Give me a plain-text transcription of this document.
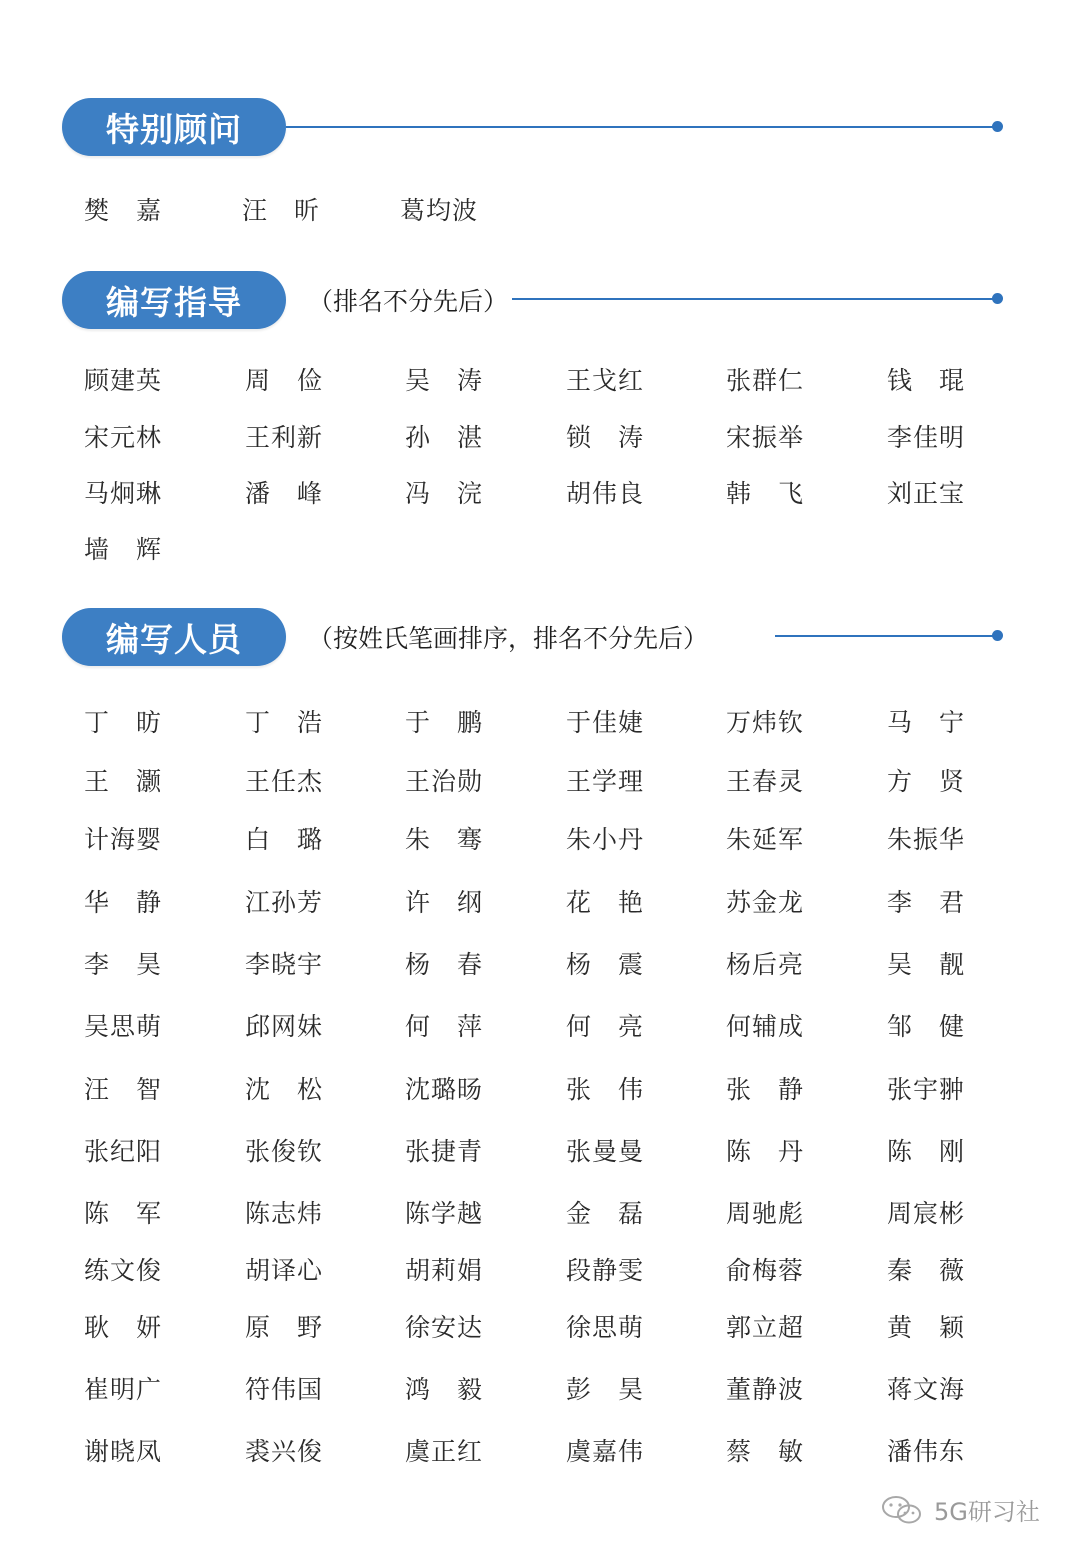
特别顾问
樊　嘉	汪　昕	葛均波
编写指导	（排名不分先后）
顾建英	周　俭	吴　涛	王戈红	张群仁	钱　琨
宋元林	王利新	孙　湛	锁　涛	宋振举	李佳明
马炯琳	潘　峰	冯　浣	胡伟良	韩　飞	刘正宝
墙　辉
编写人员	（按姓氏笔画排序，排名不分先后）
丁　昉	丁　浩	于　鹏	于佳婕	万炜钦	马　宁
王　灏	王任杰	王治勋	王学理	王春灵	方　贤
计海婴	白　璐	朱　骞	朱小丹	朱延军	朱振华
华　静	江孙芳	许　纲	花　艳	苏金龙	李　君
李　昊	李晓宇	杨　春	杨　震	杨后亮	吴　靓
吴思萌	邱网妹	何　萍	何　亮	何辅成	邹　健
汪　智	沈　松	沈璐旸	张　伟	张　静	张宇翀
张纪阳	张俊钦	张捷青	张曼曼	陈　丹	陈　刚
陈　军	陈志炜	陈学越	金　磊	周驰彪	周宸彬
练文俊	胡译心	胡莉娟	段静雯	俞梅蓉	秦　薇
耿　妍	原　野	徐安达	徐思萌	郭立超	黄　颖
崔明广	符伟国	鸿　毅	彭　昊	董静波	蒋文海
谢晓凤	裘兴俊	虞正红	虞嘉伟	蔡　敏	潘伟东
5G研习社
